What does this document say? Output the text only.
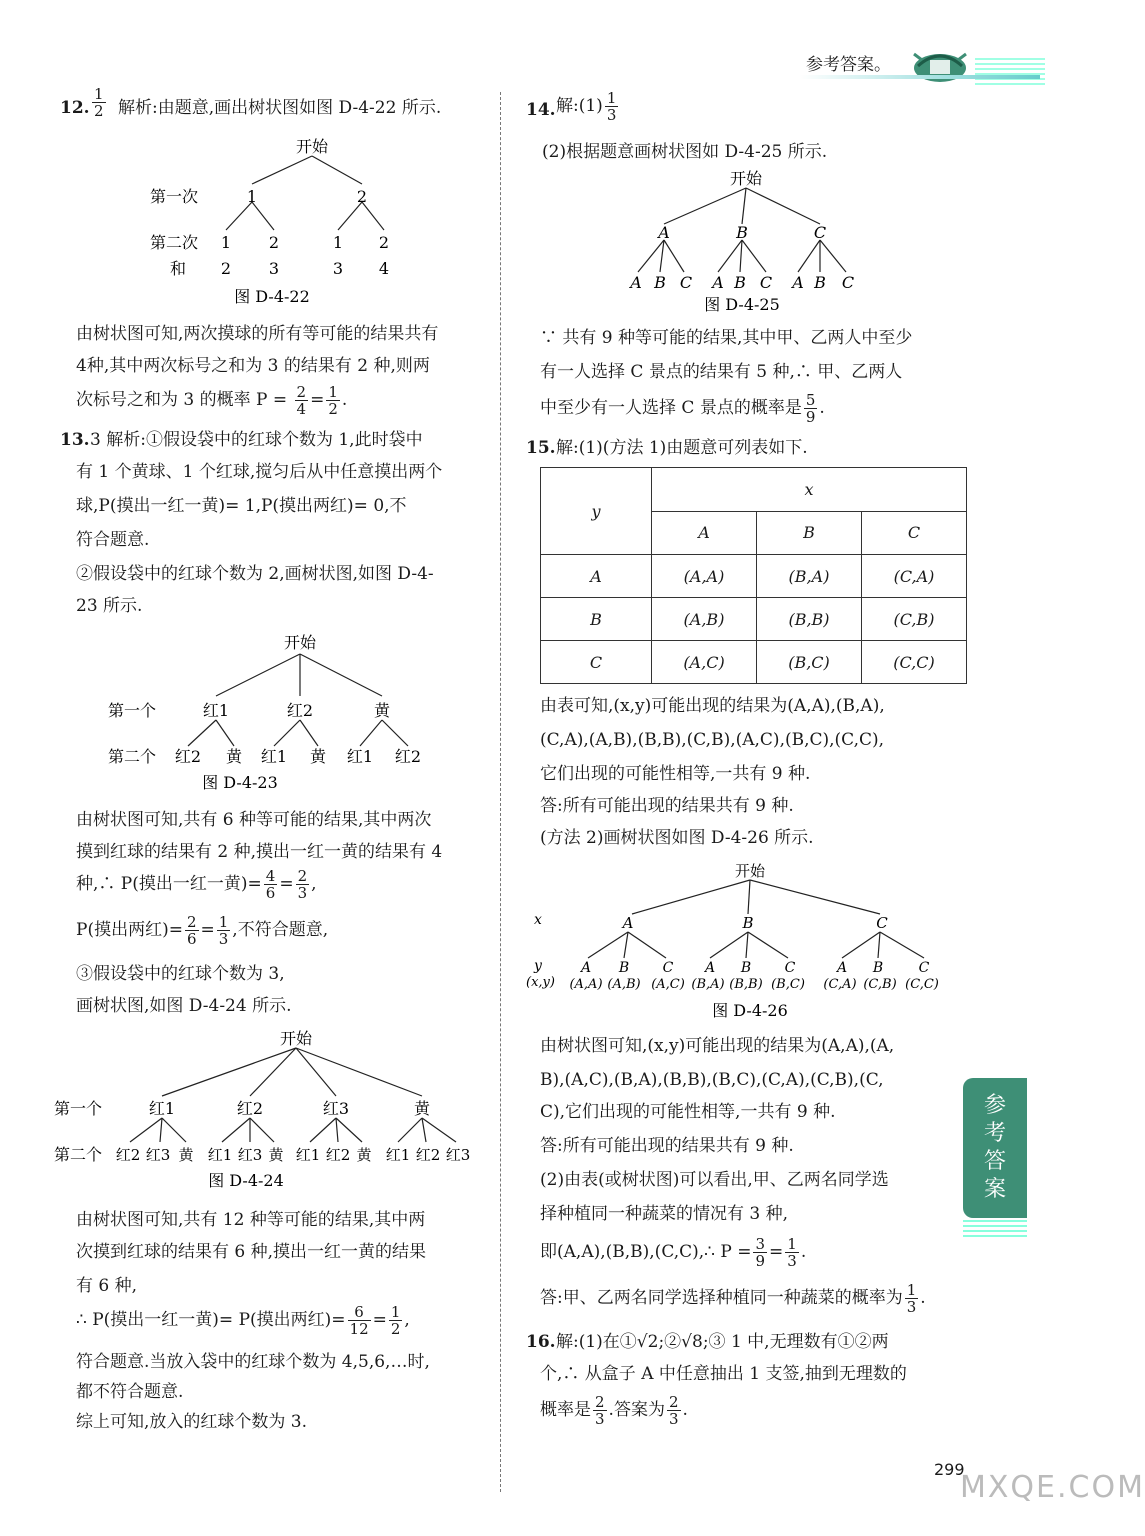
参考答案。
参考答案
12. $\frac{1}{2}$ 解析:由题意,画出树状图如图 D-4-22 所示.
开始
第一次
第二次
和
1	2
1 2	1 2
2 3	3 4
图 D-4-22
由树状图可知,两次摸球的所有等可能的结果共有
4种,其中两次标号之和为 3 的结果有 2 种,则两
次标号之和为 3 的概率 $P = \frac{2}{4} = \frac{1}{2}$ .
13. 3 解析:①假设袋中的红球个数为 1,此时袋中
有 1 个黄球、1 个红球,搅匀后从中任意摸出两个
球,P(摸出一红一黄)= 1,P(摸出两红)= 0,不
符合题意.
②假设袋中的红球个数为 2,画树状图,如图 D-4-
23 所示.
开始
第一个
第二个
红1	红2	黄
红2 黄 红1 黄 红1 红2
图 D-4-23
由树状图可知,共有 6 种等可能的结果,其中两次
摸到红球的结果有 2 种,摸出一红一黄的结果有 4
种,∴ P(摸出一红一黄)= $\frac{4}{6} = \frac{2}{3}$ ,
P(摸出两红)= $\frac{2}{6} = \frac{1}{3}$ ,不符合题意,
③假设袋中的红球个数为 3,
画树状图,如图 D-4-24 所示.
开始
第一个
第二个
红1	红2	红3	黄
红2 红3 黄 红1 红3 黄 红1 红2 黄 红1 红2 红3
图 D-4-24
由树状图可知,共有 12 种等可能的结果,其中两
次摸到红球的结果有 6 种,摸出一红一黄的结果
有 6 种,
∴ P(摸出一红一黄)= P(摸出两红)= $\frac{6}{12} = \frac{1}{2}$ ,
符合题意.当放入袋中的红球个数为 4,5,6,…时,
都不符合题意.
综上可知,放入的红球个数为 3.
14. 解:(1) $\frac{1}{3}$
(2)根据题意画树状图如 D-4-25 所示.
开始
A	B	C
A B C A B C A B C
图 D-4-25
∵ 共有 9 种等可能的结果,其中甲、乙两人中至少
有一人选择 C 景点的结果有 5 种,∴ 甲、乙两人
中至少有一人选择 C 景点的概率是 $\frac{5}{9}$ .
15. 解:(1)(方法 1)由题意可列表如下.
y	x		
	A	B	C
A	(A,A)	(B,A)	(C,A)
B	(A,B)	(B,B)	(C,B)
C	(A,C)	(B,C)	(C,C)
由表可知,(x,y)可能出现的结果为(A,A),(B,A),
(C,A),(A,B),(B,B),(C,B),(A,C),(B,C),(C,C),
它们出现的可能性相等,一共有 9 种.
答:所有可能出现的结果共有 9 种.
(方法 2)画树状图如图 D-4-26 所示.
开始
x
y
(x,y)
A	B	C
A B C A B C	A B	C
(A,A) (A,B) (A,C) (B,A) (B,B) (B,C) (C,A) (C,B) (C,C)
图 D-4-26
由树状图可知,(x,y)可能出现的结果为(A,A),(A,
B),(A,C),(B,A),(B,B),(B,C),(C,A),(C,B),(C,
C),它们出现的可能性相等,一共有 9 种.
答:所有可能出现的结果共有 9 种.
(2)由表(或树状图)可以看出,甲、乙两名同学选
择种植同一种蔬菜的情况有 3 种,
即(A,A),(B,B),(C,C),∴ $P = \frac{3}{9} = \frac{1}{3}$ .
答:甲、乙两名同学选择种植同一种蔬菜的概率为 $\frac{1}{3}$ .
16. 解:(1)在①√2;②√8;③ 1 中,无理数有①②两
个,∴ 从盒子 A 中任意抽出 1 支签,抽到无理数的
概率是 $\frac{2}{3}$ .答案为 $\frac{2}{3}$ .
299
MXQE.COM
